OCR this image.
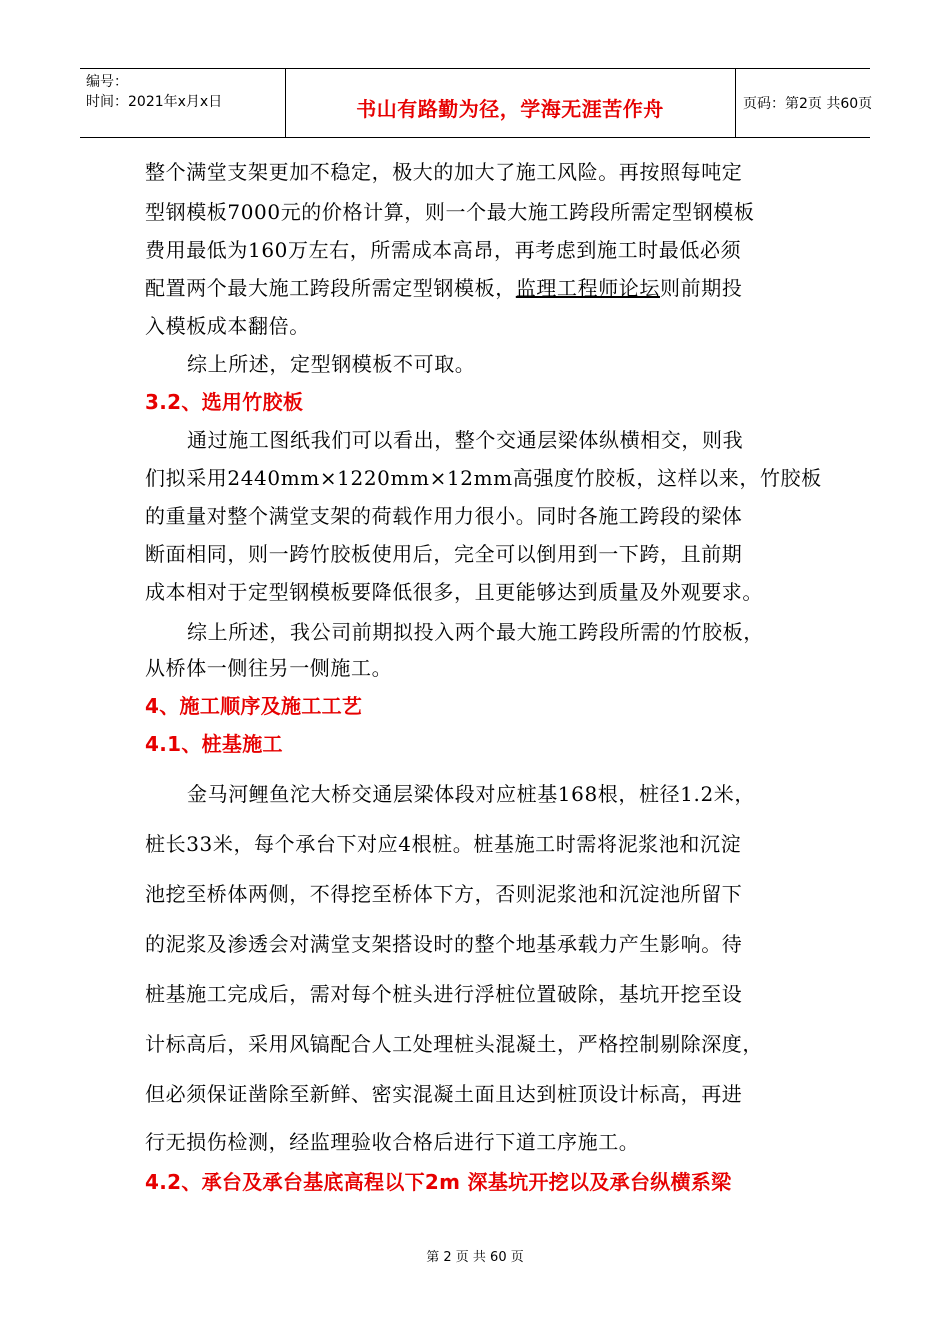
编号：
时间：2021年x月x日	书山有路勤为径，学海无涯苦作舟	页码：第2页 共60页
整个满堂支架更加不稳定，极大的加大了施工风险。再按照每吨定
型钢模板7000元的价格计算，则一个最大施工跨段所需定型钢模板
费用最低为160万左右，所需成本高昂，再考虑到施工时最低必须
配置两个最大施工跨段所需定型钢模板，监理工程师论坛则前期投
入模板成本翻倍。
综上所述，定型钢模板不可取。
3.2、选用竹胶板
通过施工图纸我们可以看出，整个交通层梁体纵横相交，则我
们拟采用2440mm×1220mm×12mm高强度竹胶板，这样以来，竹胶板
的重量对整个满堂支架的荷载作用力很小。同时各施工跨段的梁体
断面相同，则一跨竹胶板使用后，完全可以倒用到一下跨，且前期
成本相对于定型钢模板要降低很多，且更能够达到质量及外观要求。
综上所述，我公司前期拟投入两个最大施工跨段所需的竹胶板，
从桥体一侧往另一侧施工。
4、施工顺序及施工工艺
4.1、桩基施工
金马河鲤鱼沱大桥交通层梁体段对应桩基168根，桩径1.2米，
桩长33米，每个承台下对应4根桩。桩基施工时需将泥浆池和沉淀
池挖至桥体两侧，不得挖至桥体下方，否则泥浆池和沉淀池所留下
的泥浆及渗透会对满堂支架搭设时的整个地基承载力产生影响。待
桩基施工完成后，需对每个桩头进行浮桩位置破除，基坑开挖至设
计标高后，采用风镐配合人工处理桩头混凝土，严格控制剔除深度，
但必须保证凿除至新鲜、密实混凝土面且达到桩顶设计标高，再进
行无损伤检测，经监理验收合格后进行下道工序施工。
4.2、承台及承台基底高程以下2m 深基坑开挖以及承台纵横系梁
第 2 页 共 60 页
